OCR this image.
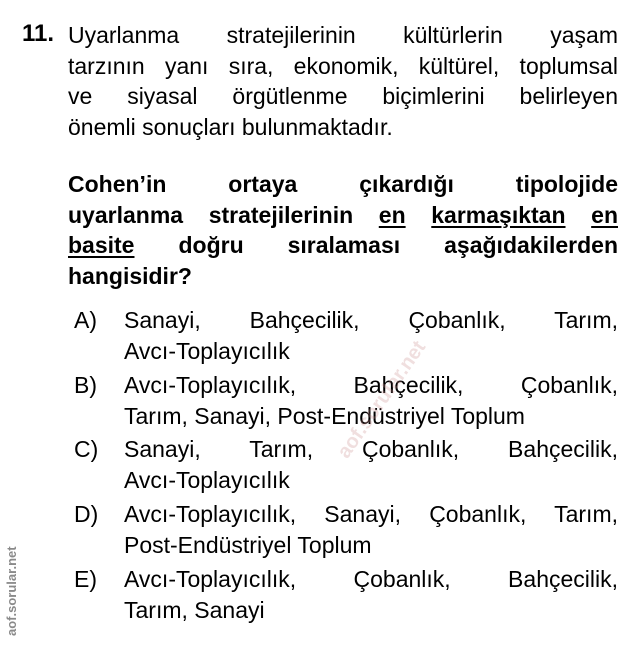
11. Uyarlanma stratejilerinin kültürlerin yaşam
tarzının yanı sıra, ekonomik, kültürel, toplumsal
ve siyasal örgütlenme biçimlerini belirleyen
önemli sonuçları bulunmaktadır.
Cohen’in ortaya çıkardığı tipolojide
uyarlanma stratejilerinin en karmaşıktan en
basite doğru sıralaması aşağıdakilerden
hangisidir?
A) Sanayi, Bahçecilik, Çobanlık, Tarım,
Avcı-Toplayıcılık
B) Avcı-Toplayıcılık, Bahçecilik, Çobanlık,
Tarım, Sanayi, Post-Endüstriyel Toplum
C) Sanayi, Tarım, Çobanlık, Bahçecilik,
Avcı-Toplayıcılık
D) Avcı-Toplayıcılık, Sanayi, Çobanlık, Tarım,
Post-Endüstriyel Toplum
E) Avcı-Toplayıcılık, Çobanlık, Bahçecilik,
Tarım, Sanayi
aof.sorular.net
aof.sorular.net
